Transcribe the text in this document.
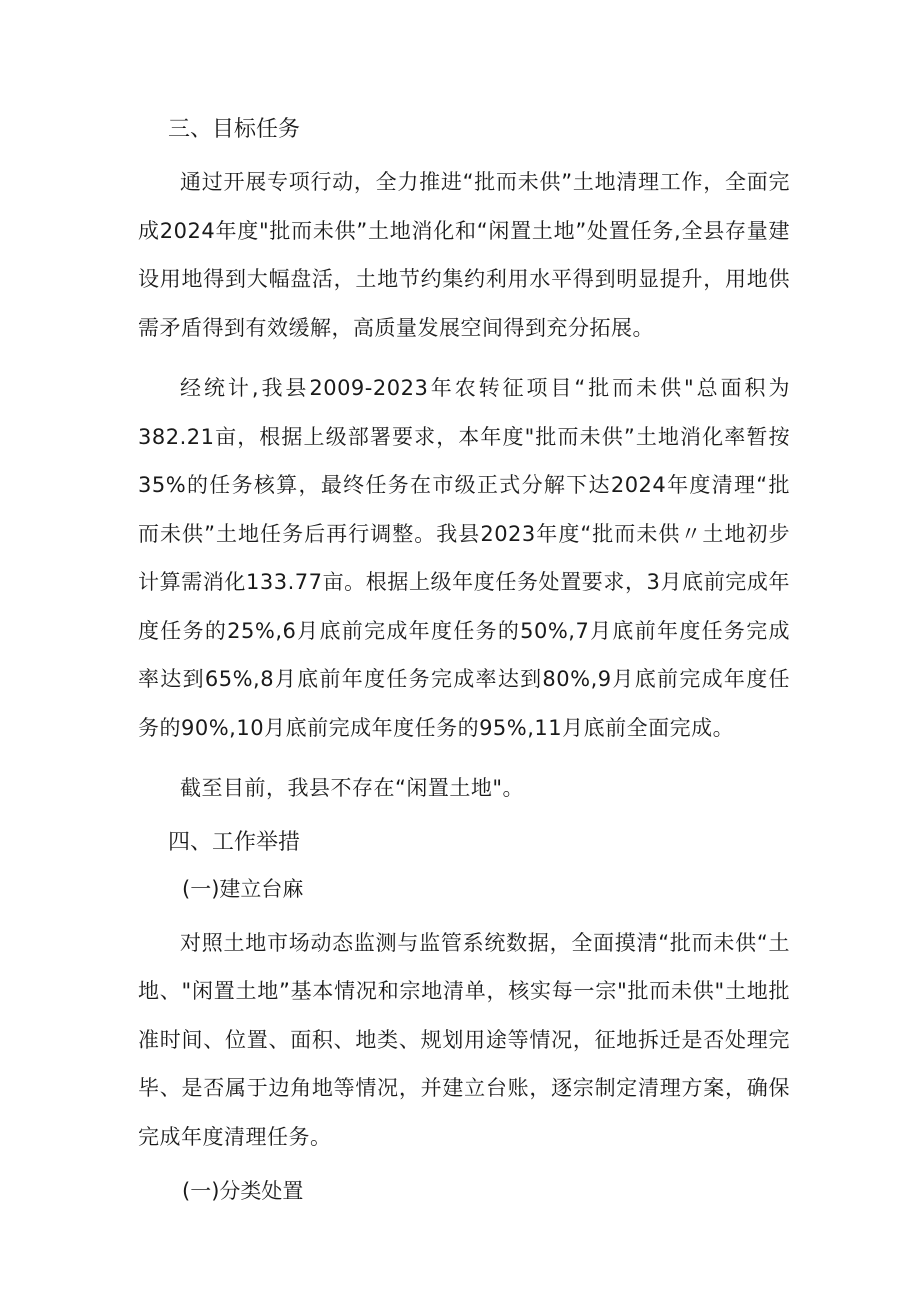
三、目标任务

通过开展专项行动，全力推进“批而未供”土地清理工作，全面完成2024年度"批而未供”土地消化和“闲置土地”处置任务,全县存量建设用地得到大幅盘活，土地节约集约利用水平得到明显提升，用地供需矛盾得到有效缓解，高质量发展空间得到充分拓展。

经统计,我县2009-2023年农转征项目“批而未供"总面积为382.21亩，根据上级部署要求，本年度"批而未供”土地消化率暂按35%的任务核算，最终任务在市级正式分解下达2024年度清理“批而未供”土地任务后再行调整。我县2023年度“批而未供〃土地初步计算需消化133.77亩。根据上级年度任务处置要求，3月底前完成年度任务的25%,6月底前完成年度任务的50%,7月底前年度任务完成率达到65%,8月底前年度任务完成率达到80%,9月底前完成年度任务的90%,10月底前完成年度任务的95%,11月底前全面完成。

截至目前，我县不存在“闲置土地"。

四、工作举措
(一)建立台麻

对照土地市场动态监测与监管系统数据，全面摸清“批而未供“土地、"闲置土地”基本情况和宗地清单，核实每一宗"批而未供"土地批准时间、位置、面积、地类、规划用途等情况，征地拆迁是否处理完毕、是否属于边角地等情况，并建立台账，逐宗制定清理方案，确保完成年度清理任务。

(一)分类处置
